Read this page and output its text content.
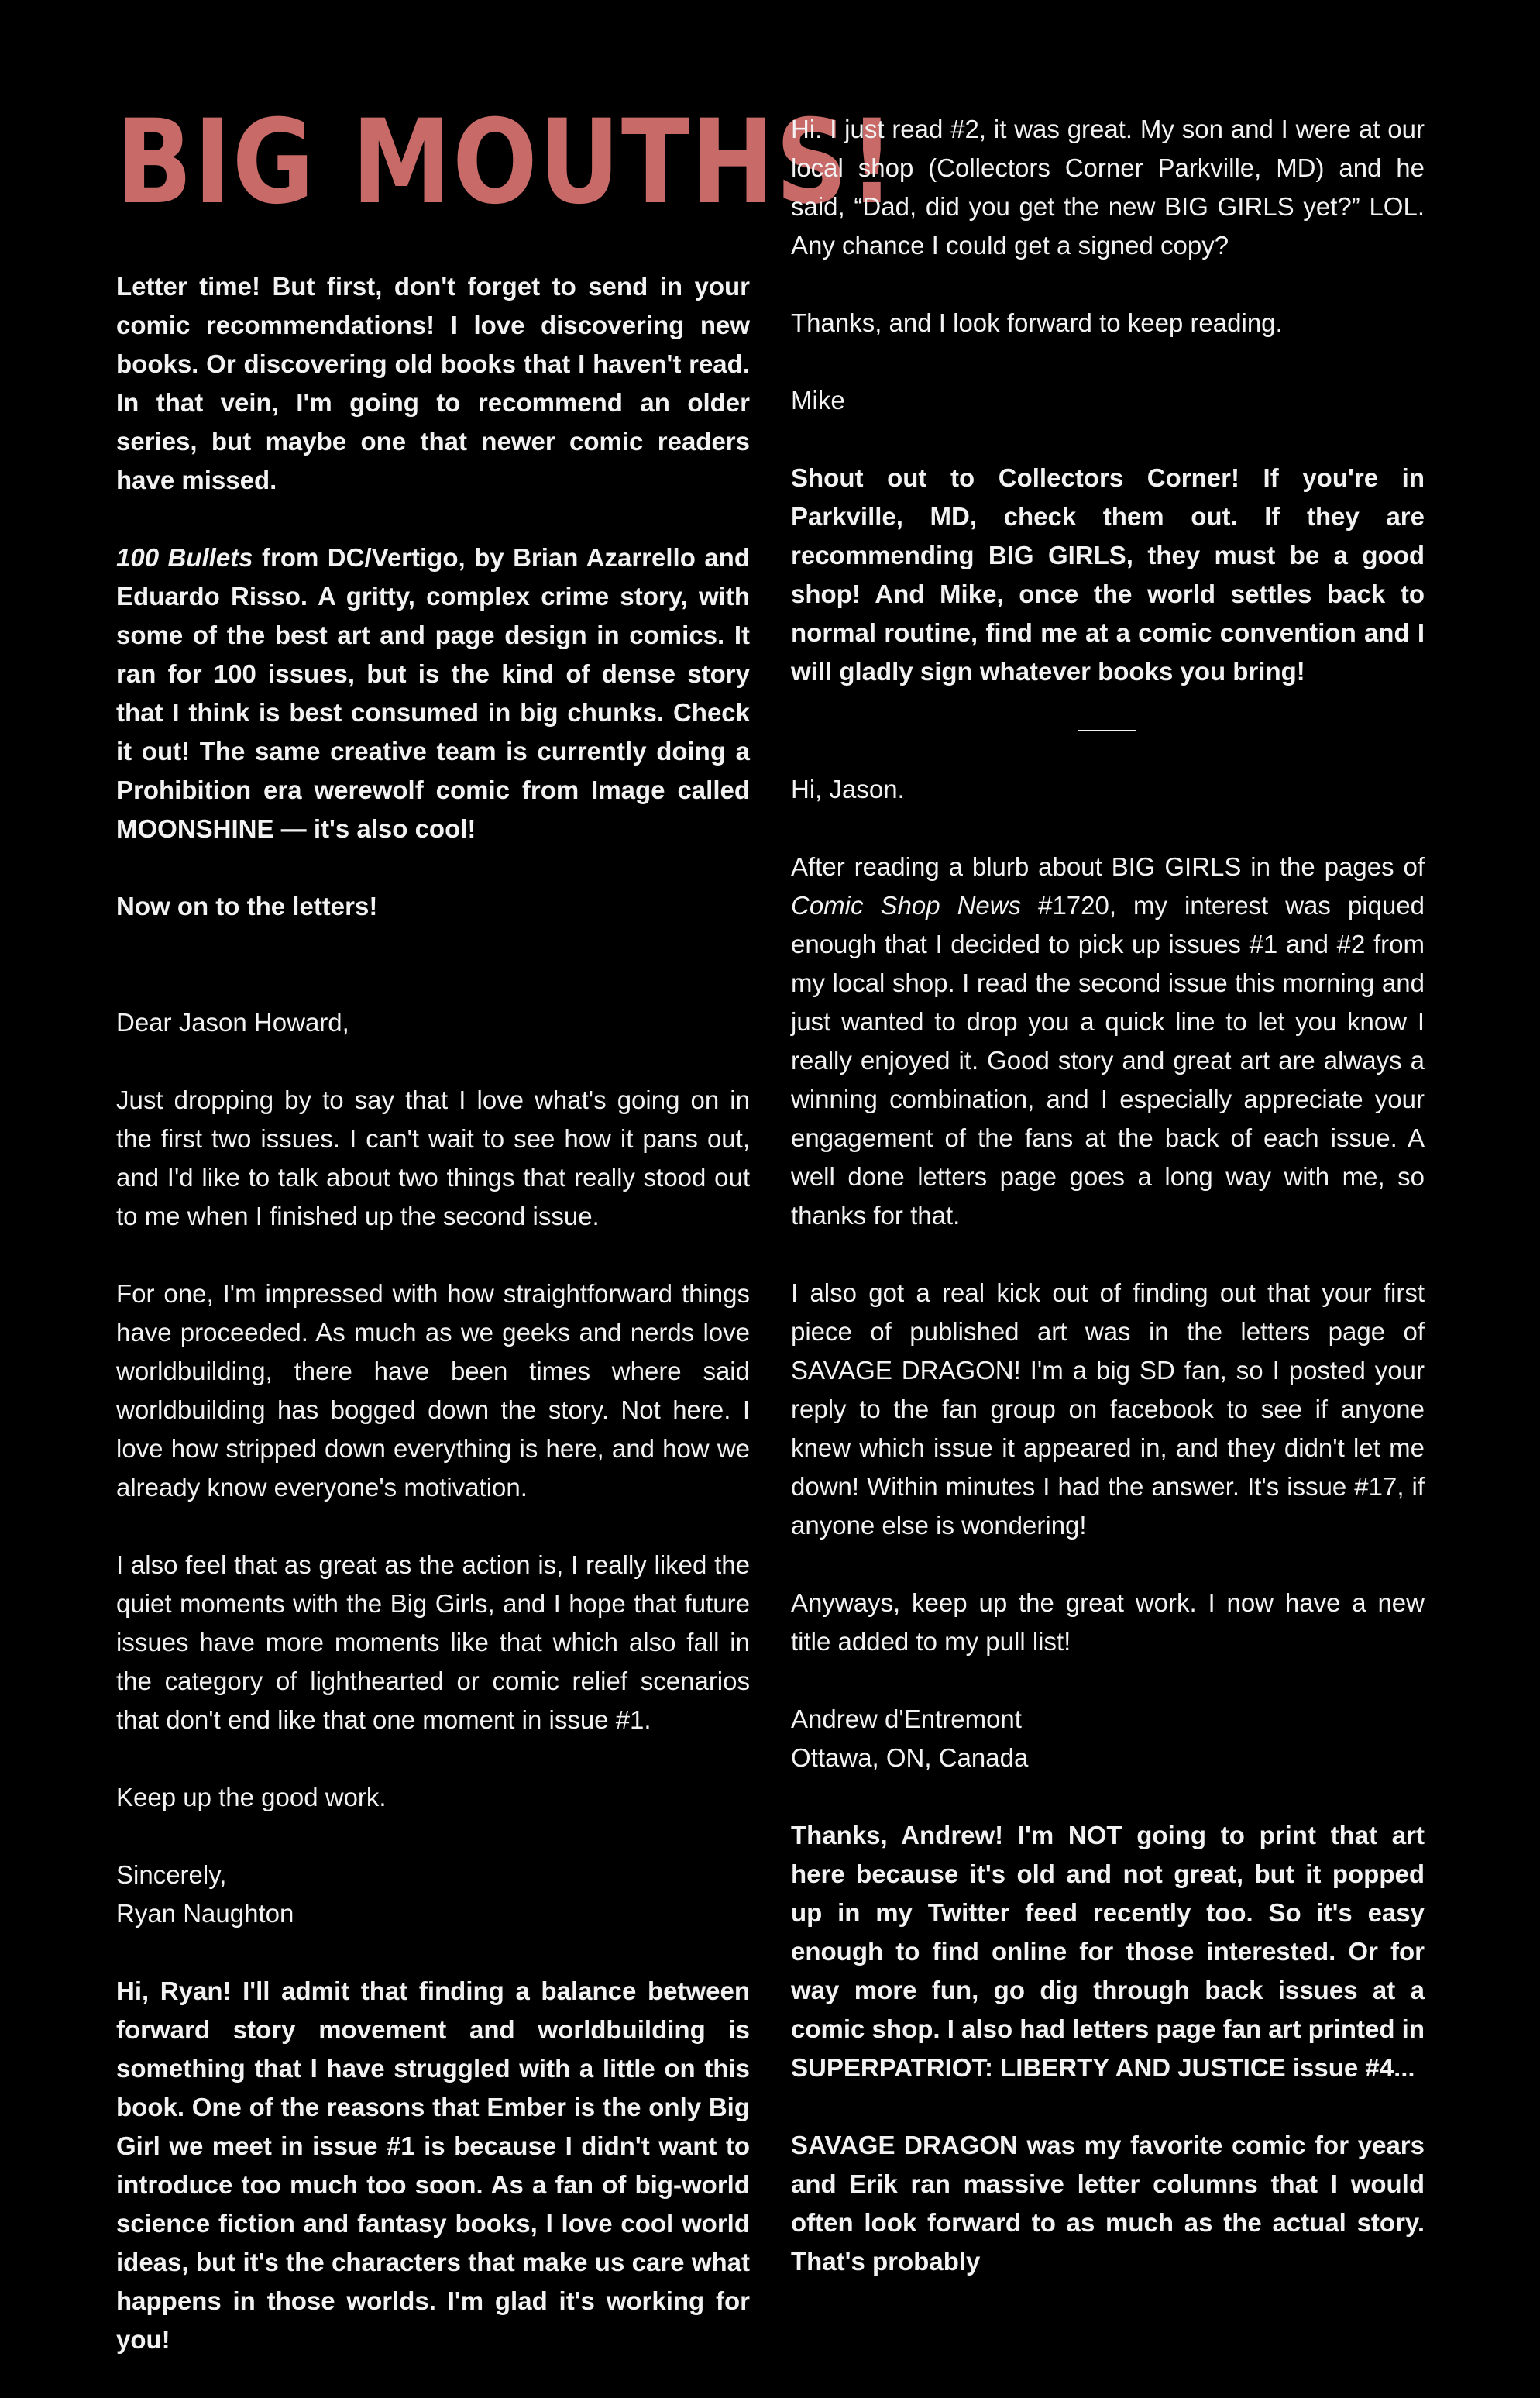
BIG MOUTHS!

Letter time! But first, don't forget to send in your comic recommendations! I love discovering new books. Or discovering old books that I haven't read. In that vein, I'm going to recommend an older series, but maybe one that newer comic readers have missed.

100 Bullets from DC/Vertigo, by Brian Azarrello and Eduardo Risso. A gritty, complex crime story, with some of the best art and page design in comics. It ran for 100 issues, but is the kind of dense story that I think is best consumed in big chunks. Check it out! The same creative team is currently doing a Prohibition era werewolf comic from Image called MOONSHINE — it's also cool!

Now on to the letters!

Dear Jason Howard,

Just dropping by to say that I love what's going on in the first two issues. I can't wait to see how it pans out, and I'd like to talk about two things that really stood out to me when I finished up the second issue.

For one, I'm impressed with how straightforward things have proceeded. As much as we geeks and nerds love worldbuilding, there have been times where said worldbuilding has bogged down the story. Not here. I love how stripped down everything is here, and how we already know everyone's motivation.

I also feel that as great as the action is, I really liked the quiet moments with the Big Girls, and I hope that future issues have more moments like that which also fall in the category of lighthearted or comic relief scenarios that don't end like that one moment in issue #1.

Keep up the good work.

Sincerely,

Ryan Naughton

Hi, Ryan! I'll admit that finding a balance between forward story movement and worldbuilding is something that I have struggled with a little on this book. One of the reasons that Ember is the only Big Girl we meet in issue #1 is because I didn't want to introduce too much too soon. As a fan of big-world science fiction and fantasy books, I love cool world ideas, but it's the characters that make us care what happens in those worlds. I'm glad it's working for you!

Hi. I just read #2, it was great. My son and I were at our local shop (Collectors Corner Parkville, MD) and he said, “Dad, did you get the new BIG GIRLS yet?” LOL. Any chance I could get a signed copy?

Thanks, and I look forward to keep reading.

Mike

Shout out to Collectors Corner! If you're in Parkville, MD, check them out. If they are recommending BIG GIRLS, they must be a good shop! And Mike, once the world settles back to normal routine, find me at a comic convention and I will gladly sign whatever books you bring!

Hi, Jason.

After reading a blurb about BIG GIRLS in the pages of Comic Shop News #1720, my interest was piqued enough that I decided to pick up issues #1 and #2 from my local shop. I read the second issue this morning and just wanted to drop you a quick line to let you know I really enjoyed it. Good story and great art are always a winning combination, and I especially appreciate your engagement of the fans at the back of each issue. A well done letters page goes a long way with me, so thanks for that.

I also got a real kick out of finding out that your first piece of published art was in the letters page of SAVAGE DRAGON! I'm a big SD fan, so I posted your reply to the fan group on facebook to see if anyone knew which issue it appeared in, and they didn't let me down! Within minutes I had the answer. It's issue #17, if anyone else is wondering!

Anyways, keep up the great work. I now have a new title added to my pull list!

Andrew d'Entremont

Ottawa, ON, Canada

Thanks, Andrew! I'm NOT going to print that art here because it's old and not great, but it popped up in my Twitter feed recently too. So it's easy enough to find online for those interested. Or for way more fun, go dig through back issues at a comic shop. I also had letters page fan art printed in SUPERPATRIOT: LIBERTY AND JUSTICE issue #4...

SAVAGE DRAGON was my favorite comic for years and Erik ran massive letter columns that I would often look forward to as much as the actual story. That's probably
